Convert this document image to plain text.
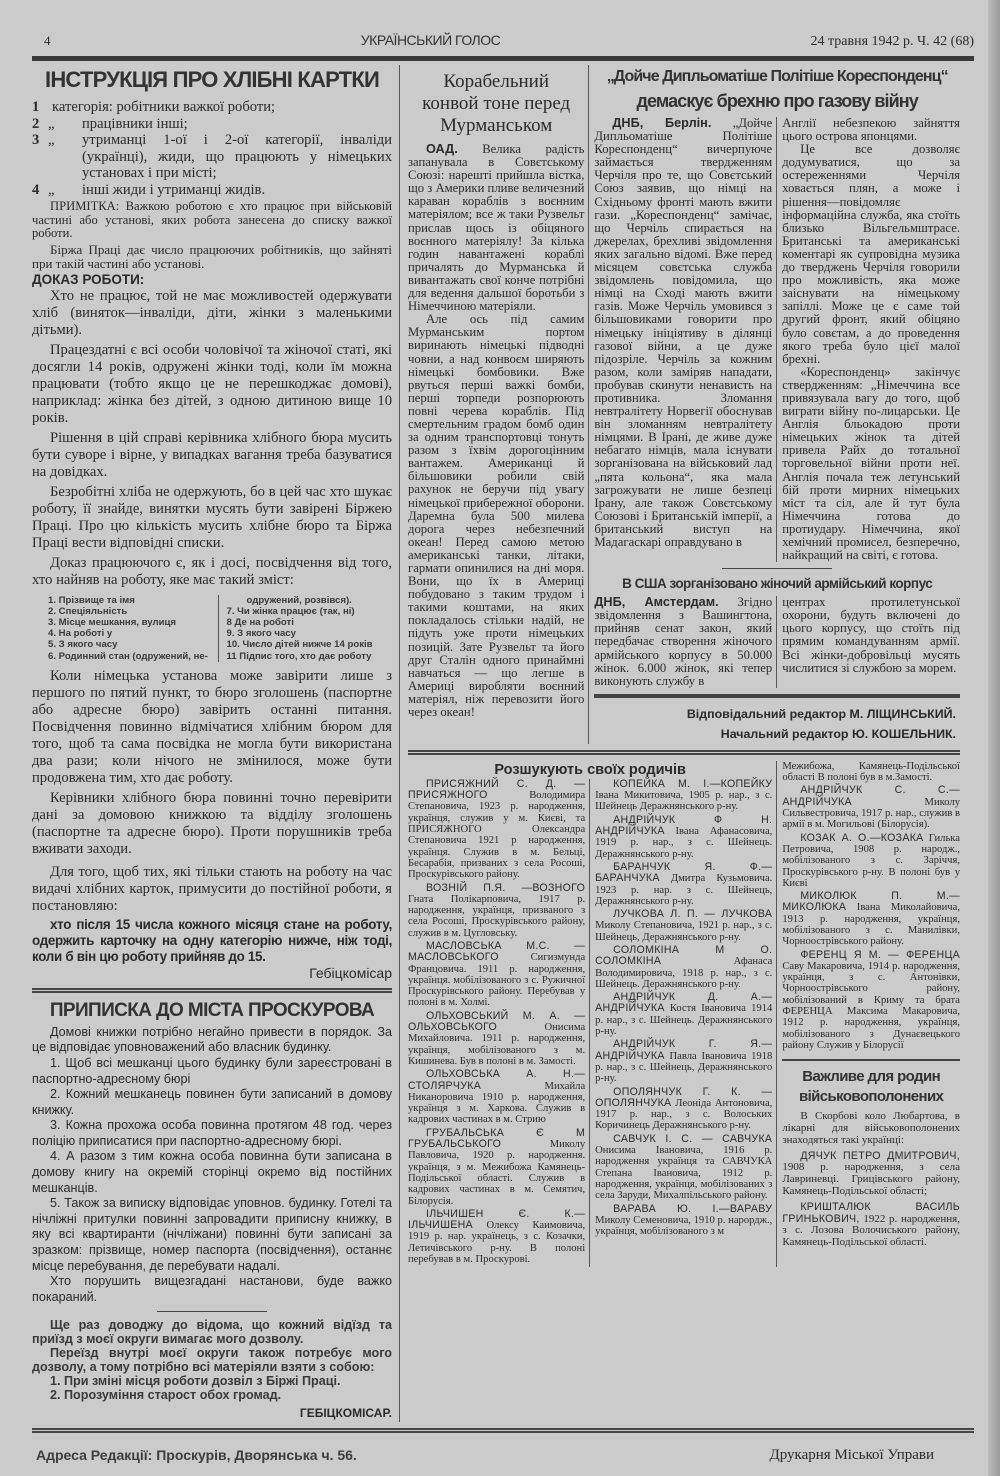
4	УКРАЇНСЬКИЙ ГОЛОС	24 травня 1942 р. Ч. 42 (68)
ІНСТРУКЦІЯ ПРО ХЛІБНІ КАРТКИ
1 категорія: робітники важкої роботи;
2 „	працівники інші;
3 „	утриманці 1-ої і 2-ої категорії, інваліди (українці), жиди, що працюють у німецьких установах і при місті;
4 „	інші жиди і утриманці жидів.

ПРИМІТКА: Важкою роботою є хто працює при військовій частині або установі, яких робота занесена до списку важкої роботи.

Біржа Праці дає число працюючих робітників, що зайняті при такій частині або установі.

ДОКАЗ РОБОТИ:

Хто не працює, той не має можливостей одержувати хліб (виняток—інваліди, діти, жінки з маленькими дітьми).

Працездатні є всі особи чоловічої та жіночої статі, які досягли 14 років, одружені жінки тоді, коли їм можна працювати (тобто якщо це не перешкоджає домові), наприклад: жінка без дітей, з одною дитиною вище 10 років.

Рішення в цій справі керівника хлібного бюра мусить бути суворе і вірне, у випадках вагання треба базуватися на довідках.

Безробітні хліба не одержують, бо в цей час хто шукає роботу, її знайде, винятки мусять бути завірені Біржею Праці. Про цю кількість мусить хлібне бюро та Біржа Праці вести відповідні списки.

Доказ працюючого є, як і досі, посвідчення від того, хто найняв на роботу, яке має такий зміст:

1. Прізвище та імя
2. Спеціяльність
3. Місце мешкання, вулиця
4. На роботі у
5. З якого часу
6. Родинний стан (одружений, не-
одружений, розвівся).
7. Чи жінка працює (так, ні)
8 Де на роботі
9. З якого часу
10. Число дітей нижче 14 років
11 Підпис того, хто дає роботу

Коли німецька установа може завірити лише з першого по пятий пункт, то бюро зголошень (паспортне або адресне бюро) завірить останні питання. Посвідчення повинно відмічатися хлібним бюром для того, щоб та сама посвідка не могла бути використана два рази; коли нічого не змінилося, може бути продовжена тим, хто дає роботу.

Керівники хлібного бюра повинні точно перевірити дані за домовою книжкою та відділу зголошень (паспортне та адресне бюро). Проти порушників треба вживати заходи.

Для того, щоб тих, які тільки стають на роботу на час видачі хлібних карток, примусити до постійної роботи, я постановляю:

хто після 15 числа кожного місяця стане на роботу, одержить карточку на одну категорію нижче, ніж тоді, коли б він цю роботу прийняв до 15.

Гебіцкомісар

ПРИПИСКА ДО МІСТА ПРОСКУРОВА

Домові книжки потрібно негайно привести в порядок. За це відповідає уповноважений або власник будинку.

1. Щоб всі мешканці цього будинку були зареєстровані в паспортно-адресному бюрі

2. Кожний мешканець повинен бути записаний в домову книжку.

3. Кожна прохожа особа повинна протягом 48 год. через поліцію приписатися при паспортно-адресному бюрі.

4. А разом з тим кожна особа повинна бути записана в домову книгу на окремій сторінці окремо від постійних мешканців.

5. Також за виписку відповідає уповнов. будинку. Готелі та нічліжні притулки повинні запровадити приписну книжку, в яку всі квартиранти (нічліжани) повинні бути записані за зразком: прізвище, номер паспорта (посвідчення), останнє місце перебування, де перебувати надалі.

Хто порушить вищезгадані настанови, буде важко покараний.

Ще раз доводжу до відома, що кожний відїзд та приїзд з моєї округи вимагає мого дозволу.

Переїзд внутрі моєї округи також потребує мого дозволу, а тому потрібно всі матеріяли взяти з собою:

1. При зміні місця роботи дозвіл з Біржі Праці.

2. Порозуміння старост обох громад.

ГЕБІЦКОМІСАР.

Корабельний
конвой тоне перед
Мурманськом

ОАД. Велика радість запанувала в Совєтському Союзі: нарешті прийшла вістка, що з Америки пливе величезний караван кораблів з воєнним матеріялом; все ж таки Рузвельт прислав щось із обіцяного воєнного матеріялу! За кілька годин навантажені кораблі причалять до Мурманська й вивантажать свої конче потрібні для ведення дальшої боротьби з Німеччиною матеріяли.

Але ось під самим Мурманським портом виринають німецькі підводні човни, а над конвоєм ширяють німецькі бомбовики. Вже рвуться перші важкі бомби, перші торпеди розпорюють повні черева кораблів. Під смертельним градом бомб один за одним транспортовці тонуть разом з їхвім дорогоцінним вантажем. Американці й більшовики робили свій рахунок не беручи під увагу німецької прибережної оборони. Даремна була 500 милева дорога через небезпечний океан! Перед самою метою американські танки, літаки, гармати опинилися на дні моря. Вони, що їх в Америці побудовано з таким трудом і такими коштами, на яких покладалось стільки надій, не підуть уже проти німецьких позицій. Зате Рузвельт та його друг Сталін одного принаймні навчаться — що легше в Америці виробляти воєнний матеріял, ніж перевозити його через океан!

„Дойче Дипльоматіше Політіше Кореспонденц“
демаскує брехню про газову війну

ДНБ, Берлін. „Дойче Дипльоматіше Політіше Кореспонденц“ вичерпуюче займається твердженням Черчіля про те, що Совєтський Союз заявив, що німці на Східньому фронті мають вжити гази. „Кореспонденц“ замічає, що Черчіль спирається на джерелах, брехливі звідомлення яких загально відомі. Вже перед місяцем совєтська служба звідомлень повідомила, що німці на Сході мають вжити газів. Може Черчіль умовився з більшовиками говорити про німецьку ініціятиву в ділянці газової війни, а це дуже підозріле. Черчіль за кожним разом, коли заміряв нападати, пробував скинути ненависть на противника. Зломання невтралітету Норвегії обоснував він зломанням невтралітету німцями. В Ірані, де живе дуже небагато німців, мала існувати зорганізована на військовий лад „пята кольона“, яка мала загрожувати не лише безпеці Ірану, але також Совєтському Союзові і Британській імперії, а британський виступ на Мадагаскарі оправдувано в

Англії небезпекою зайняття цього острова японцями.

Це все дозволяє додумуватися, що за остереженнями Черчіля ховається плян, а може і рішення—повідомляє інформаційна служба, яка стоїть близько Вільгельмштрасе. Британські та американські коментарі як супровідна музика до тверджень Черчіля говорили про можливість, яка може заіснувати на німецькому запіллі. Може це є саме той другий фронт, який обіцяно було совєтам, а до проведення якого треба було цієї малої брехні.

«Кореспонденц» закінчує ствердженням: „Німеччина все привязувала вагу до того, щоб виграти війну по-лицарськи. Це Англія бльокадою проти німецьких жінок та дітей привела Райх до тотальної торговельної війни проти неї. Англія почала теж летунський бій проти мирних німецьких міст та сіл, але й тут була Німеччина готова до протиудару. Німеччина, якої хемічний промисел, безперечно, найкращий на світі, є готова.

В США зорганізовано жіночий армійський корпус

ДНБ, Амстердам. Згідно звідомлення з Вашингтона, прийняв сенат закон, який передбачає створення жіночого армійського корпусу в 50.000 жінок. 6.000 жінок, які тепер виконують службу в

центрах протилетунської охорони, будуть включені до цього корпусу, що стоїть під прямим командуванням армії. Всі жінки-добровільці мусять числитися зі службою за морем.

Відповідальний редактор М. ЛІЩИНСЬКИЙ.
Начальний редактор Ю. КОШЕЛЬНИК.
Розшукують своїх родичів

ПРИСЯЖНИЙ С. Д. —ПРИСЯЖНОГО	Володимира Степановича, 1923 р. народження, українця, служив у м. Києві, та ПРИСЯЖНОГО Олександра Степановича 1921 р народження, українця. Служив в м. Бельці, Бесарабія, призваних з села Росоші, Проскурівського району.

ВОЗНІЙ П.Я. —ВОЗНОГО Гната Полікарповича, 1917 р. народження, українця, призваного з села Росоші, Проскурівського району, служив в м. Цугловську.

МАСЛОВСЬКА М.С. —МАСЛОВСЬКОГО	Сигизмунда Францовича. 1911 р. народження, українця. мобілізованого з с. Ружичної Проскурівського району. Перебував у полоні в м. Холмі.

ОЛЬХОВСЬКИЙ М. А. —ОЛЬХОВСЬКОГО	Онисима Михайловича. 1911 р. народження, українця, мобілізованого з м. Кишинева. Був в полоні в м. Замості.

ОЛЬХОВСЬКА А. Н.—СТОЛЯРЧУКА	Михайла Никаноровича 1910 р. народження, українця з м. Харкова. Служив в кадрових частинах в м. Стрию

ГРУБАЛЬСЬКА Є М ГРУБАЛЬСЬКОГО	Миколу Павловича, 1920 р. народження. українця, з м. Межибожа Камянець-Подільської області. Служив в кадрових частинах в м. Семятич, Білорусія.

ІЛЬЧИШЕН Є. К.—ІЛЬЧИШЕНА Олексу Каимовича, 1919 р. нар. українець, з с. Козачки, Летичівського р-ну. В полоні перебував в м. Проскурові.

КОПЕЙКА М. І.—КОПЕЙКУ Івана Микитовича, 1905 р. нар., з с. Шейнець Деражнянського р-ну.

АНДРІЙЧУК Ф Н. АНДРІЙЧУКА Івана Афанасовича, 1919 р. нар., з с. Шейнець. Деражнянського р-ну.

БАРАНЧУК Я. Ф.—БАРАНЧУКА Дмитра Кузьмовича. 1923 р. нар. з с. Шейнець, Деражнянського р-ну.

ЛУЧКОВА Л. П. — ЛУЧКОВА Миколу Степановича, 1921 р. нар., з с. Шейнець, Деражнянського р-ну.

СОЛОМКІНА М О. СОЛОМКІНА	Афанаса Володимировича, 1918 р. нар., з с. Шейнець. Деражнянського р-ну.

АНДРІЙЧУК Д. А.— АНДРІЙЧУКА Костя Івановича 1914 р. нар., з с. Шейнець. Деражнянського р-ну.

АНДРІЙЧУК Г. Я.— АНДРІЙЧУКА Павла Івановича 1918 р. нар., з с. Шейнець, Деражнянського р-ну.

ОПОЛЯНЧУК Г. К. — ОПОЛЯНЧУКА Леоніда Антоновича, 1917 р. нар., з с. Волоських Коричинець Деражнянського р-ну.

САВЧУК І. С. — САВЧУКА Онисима Івановича, 1916 р. народження українця та САВЧУКА Степана Івановича, 1912 р. народження, українця, мобілізованих з села Заруди, Михалпільського району.

ВАРАВА Ю. І.—ВАРАВУ Миколу Семеновича, 1910 р. нарордж., українця, мобілізованого з м

Межибожа, Камянець-Подільської області В полоні був в м.Замості.

АНДРІЙЧУК С. С.— АНДРІЙЧУКА	Миколу Сильвестровича, 1917 р. нар., служив в армії в м. Могильові (Білорусія).

КОЗАК А. О.—КОЗАКА Гилька Петровича, 1908 р. народж., мобілізованого з с. Заріччя, Проскурівського р-ну. В полоні був у Києві

МИКОЛЮК П. М.—МИКОЛЮКА Івана Миколайовича, 1913 р. народження, українця, мобілізованого з с. Манилівки, Чорноострівського району.

ФЕРЕНЦ Я М. — ФЕРЕНЦА Саву Макаровича, 1914 р. народження, українця, з с. Антонівки, Чорноострівського району, мобілізований в Криму та брата ФЕРЕНЦА Максима Макаровича, 1912 р. народження, українця, мобілізованого з Дунаєвецького району Служив у Білорусії

Важливе для родин
військовополонених

В Скорбові коло Любартова, в лікарні для військовополонених знаходяться такі українці:

ДЯЧУК ПЕТРО ДМИТРОВИЧ, 1908 р. народження, з села Лавриневці. Грицівського району, Камянець-Подільської області;

КРИШТАЛЮК ВАСИЛЬ ГРИНЬКОВИЧ, 1922 р. народження, з с. Лозова Волочиського району, Камянець-Подільської області.

Адреса Редакції: Проскурів, Дворянська ч. 56.	Друкарня Міської Управи
